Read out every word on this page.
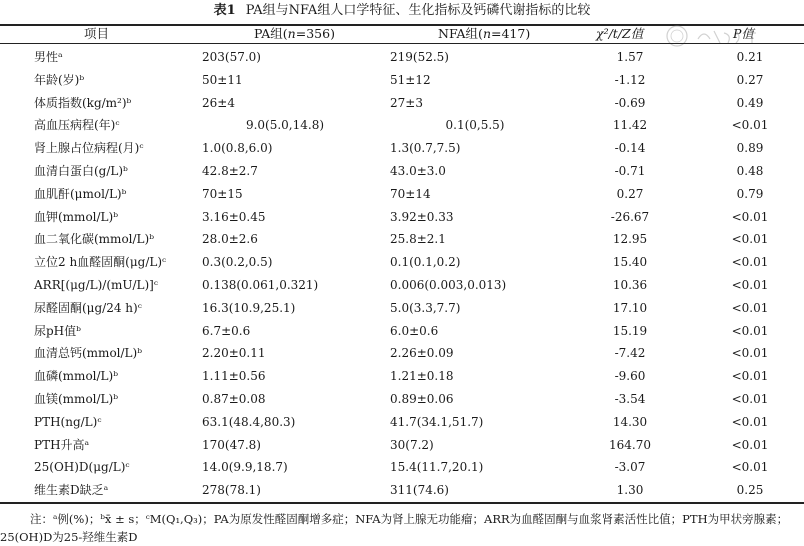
表1 PA组与NFA组人口学特征、生化指标及钙磷代谢指标的比较
项目	PA组(n=356)	NFA组(n=417)	χ²/t/Z值	P值
男性ᵃ	203(57.0)	219(52.5)	1.57	0.21
年龄(岁)ᵇ	50±11	51±12	-1.12	0.27
体质指数(kg/m²)ᵇ	26±4	27±3	-0.69	0.49
高血压病程(年)ᶜ	9.0(5.0,14.8)	0.1(0,5.5)	11.42	<0.01
肾上腺占位病程(月)ᶜ	1.0(0.8,6.0)	1.3(0.7,7.5)	-0.14	0.89
血清白蛋白(g/L)ᵇ	42.8±2.7	43.0±3.0	-0.71	0.48
血肌酐(μmol/L)ᵇ	70±15	70±14	0.27	0.79
血钾(mmol/L)ᵇ	3.16±0.45	3.92±0.33	-26.67	<0.01
血二氧化碳(mmol/L)ᵇ	28.0±2.6	25.8±2.1	12.95	<0.01
立位2 h血醛固酮(μg/L)ᶜ	0.3(0.2,0.5)	0.1(0.1,0.2)	15.40	<0.01
ARR[(μg/L)/(mU/L)]ᶜ	0.138(0.061,0.321)	0.006(0.003,0.013)	10.36	<0.01
尿醛固酮(μg/24 h)ᶜ	16.3(10.9,25.1)	5.0(3.3,7.7)	17.10	<0.01
尿pH值ᵇ	6.7±0.6	6.0±0.6	15.19	<0.01
血清总钙(mmol/L)ᵇ	2.20±0.11	2.26±0.09	-7.42	<0.01
血磷(mmol/L)ᵇ	1.11±0.56	1.21±0.18	-9.60	<0.01
血镁(mmol/L)ᵇ	0.87±0.08	0.89±0.06	-3.54	<0.01
PTH(ng/L)ᶜ	63.1(48.4,80.3)	41.7(34.1,51.7)	14.30	<0.01
PTH升高ᵃ	170(47.8)	30(7.2)	164.70	<0.01
25(OH)D(μg/L)ᶜ	14.0(9.9,18.7)	15.4(11.7,20.1)	-3.07	<0.01
维生素D缺乏ᵃ	278(78.1)	311(74.6)	1.30	0.25
注：ᵃ例(%)；ᵇx̄ ± s；ᶜM(Q₁,Q₃)；PA为原发性醛固酮增多症；NFA为肾上腺无功能瘤；ARR为血醛固酮与血浆肾素活性比值；PTH为甲状旁腺素；25(OH)D为25-羟维生素D
